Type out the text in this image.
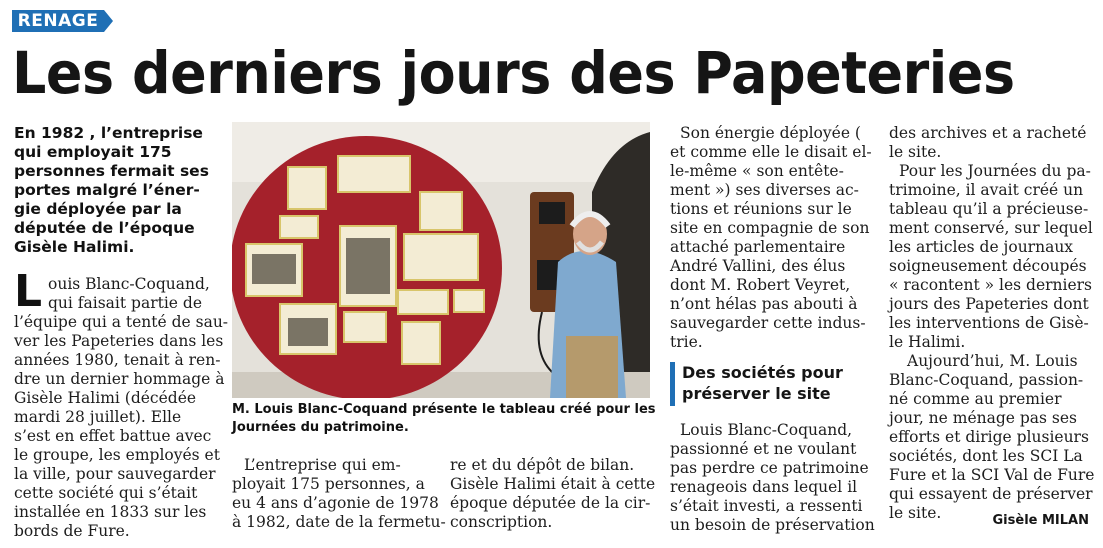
RENAGE
Les derniers jours des Papeteries
En 1982 , l’entreprise
qui employait 175
personnes fermait ses
portes malgré l’éner-
gie déployée par la
députée de l’époque
Gisèle Halimi.
L ouis Blanc-Coquand,
qui faisait partie de
l’équipe qui a tenté de sau-
ver les Papeteries dans les
années 1980, tenait à ren-
dre un dernier hommage à
Gisèle Halimi (décédée
mardi 28 juillet). Elle
s’est en effet battue avec
le groupe, les employés et
la ville, pour sauvegarder
cette société qui s’était
installée en 1833 sur les
bords de Fure.
M. Louis Blanc-Coquand présente le tableau créé pour les
Journées du patrimoine.
L’entreprise qui em-
ployait 175 personnes, a
eu 4 ans d’agonie de 1978
à 1982, date de la fermetu-
re et du dépôt de bilan.
Gisèle Halimi était à cette
époque députée de la cir-
conscription.
Son énergie déployée (
et comme elle le disait el-
le-même « son entête-
ment ») ses diverses ac-
tions et réunions sur le
site en compagnie de son
attaché parlementaire
André Vallini, des élus
dont M. Robert Veyret,
n’ont hélas pas abouti à
sauvegarder cette indus-
trie.
Des sociétés pour
préserver le site
Louis Blanc-Coquand,
passionné et ne voulant
pas perdre ce patrimoine
renageois dans lequel il
s’était investi, a ressenti
un besoin de préservation
des archives et a racheté
le site.
Pour les Journées du pa-
trimoine, il avait créé un
tableau qu’il a précieuse-
ment conservé, sur lequel
les articles de journaux
soigneusement découpés
« racontent » les derniers
jours des Papeteries dont
les interventions de Gisè-
le Halimi.
Aujourd’hui, M. Louis
Blanc-Coquand, passion-
né comme au premier
jour, ne ménage pas ses
efforts et dirige plusieurs
sociétés, dont les SCI La
Fure et la SCI Val de Fure
qui essayent de préserver
le site.	Gisèle MILAN
